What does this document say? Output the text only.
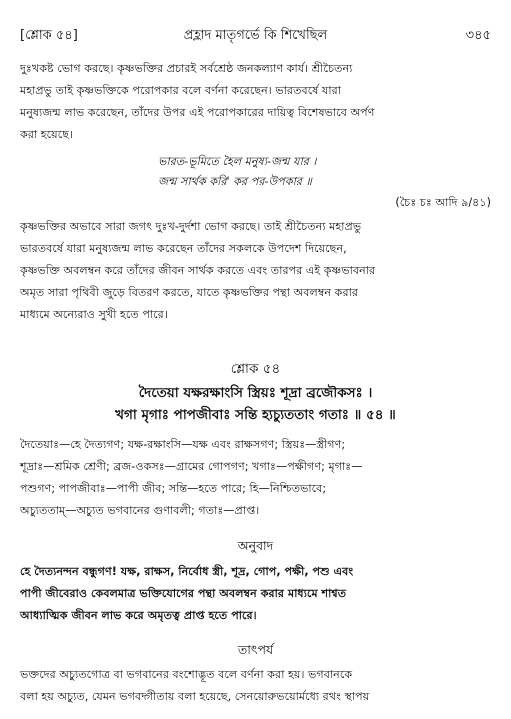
[শ্লোক ৫৪]	প্রহ্লাদ মাতৃগর্ভে কি শিখেছিল	৩৪৫
দুঃখকষ্ট ভোগ করছে। কৃষ্ণভক্তির প্রচারই সর্বশ্রেষ্ঠ জনকল্যাণ কার্য। শ্রীচৈতন্য
মহাপ্রভু তাই কৃষ্ণভক্তিকে পরোপকার বলে বর্ণনা করেছেন। ভারতবর্ষে যারা
মনুষ্যজন্ম লাভ করেছেন, তাঁদের উপর এই পরোপকারের দায়িত্ব বিশেষভাবে অর্পণ
করা হয়েছে।
ভারত-ভূমিতে হৈল মনুষ্য-জন্ম যার ।
জন্ম সার্থক করি' কর পর-উপকার ॥
(চৈঃ চঃ আদি ৯/৪১)
কৃষ্ণভক্তির অভাবে সারা জগৎ দুঃখ-দুর্দশা ভোগ করছে। তাই শ্রীচৈতন্য মহাপ্রভু
ভারতবর্ষে যারা মনুষ্যজন্ম লাভ করেছেন তাঁদের সকলকে উপদেশ দিয়েছেন,
কৃষ্ণভক্তি অবলম্বন করে তাঁদের জীবন সার্থক করতে এবং তারপর এই কৃষ্ণভাবনার
অমৃত সারা পৃথিবী জুড়ে বিতরণ করতে, যাতে কৃষ্ণভক্তির পন্থা অবলম্বন করার
মাধ্যমে অন্যেরাও সুখী হতে পারে।
শ্লোক ৫৪
দৈতেয়া যক্ষরক্ষাংসি স্ত্রিয়ঃ শূদ্রা ব্রজৌকসঃ ।
খগা মৃগাঃ পাপজীবাঃ সন্তি হ্যচ্যুততাং গতাঃ ॥ ৫৪ ॥
দৈতেয়াঃ—হে দৈত্যগণ; যক্ষ-রক্ষাংসি—যক্ষ এবং রাক্ষসগণ; স্ত্রিয়ঃ—স্ত্রীগণ;
শূদ্রাঃ—শ্রমিক শ্রেণী; ব্রজ-ওকসঃ—গ্রামের গোপগণ; খগাঃ—পক্ষীগণ; মৃগাঃ—
পশুগণ; পাপজীবাঃ—পাপী জীব; সন্তি—হতে পারে; হি—নিশ্চিতভাবে;
অচ্যুততাম্—অচ্যুত ভগবানের গুণাবলী; গতাঃ—প্রাপ্ত।
অনুবাদ
হে দৈত্যনন্দন বন্ধুগণ! যক্ষ, রাক্ষস, নির্বোধ স্ত্রী, শূদ্র, গোপ, পক্ষী, পশু এবং
পাপী জীবেরাও কেবলমাত্র ভক্তিযোগের পন্থা অবলম্বন করার মাধ্যমে শাশ্বত
আধ্যাত্মিক জীবন লাভ করে অমৃতত্ব প্রাপ্ত হতে পারে।
তাৎপর্য
ভক্তদের অচ্যুতগোত্র বা ভগবানের বংশোদ্ভূত বলে বর্ণনা করা হয়। ভগবানকে
বলা হয় অচ্যুত, যেমন ভগবদ্গীতায় বলা হয়েছে, সেনয়োরুভয়োর্মধ্যে রথং স্থাপয়
